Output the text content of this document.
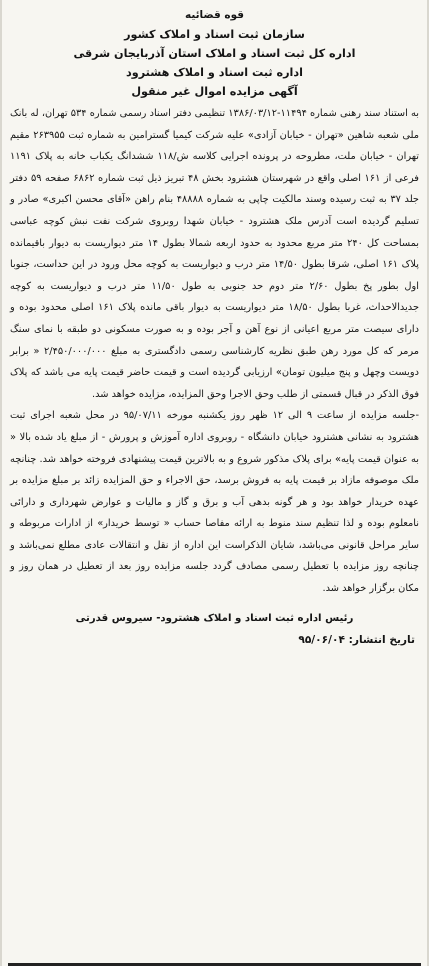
قوه قضائیه
سازمان ثبت اسناد و املاک کشور
اداره کل ثبت اسناد و املاک استان آذربایجان شرقی
اداره ثبت اسناد و املاک هشترود
آگهی مزایده اموال غیر منقول

به استناد سند رهنی شماره ۱۱۴۹۴-۱۳۸۶/۰۳/۱۲ تنظیمی دفتر اسناد رسمی شماره ۵۳۴ تهران، له بانک ملی شعبه شاهین «تهران - خیابان آزادی» علیه شرکت کیمیا گسترامین به شماره ثبت ۲۶۳۹۵۵ مقیم تهران - خیابان ملت، مطروحه در پرونده اجرایی کلاسه ش/۱۱۸ ششدانگ یکباب خانه به پلاک ۱۱۹۱ فرعی از ۱۶۱ اصلی واقع در شهرستان هشترود بخش ۴۸ تبریز ذیل ثبت شماره ۶۸۶۲ صفحه ۵۹ دفتر جلد ۳۷ به ثبت رسیده وسند مالکیت چاپی به شماره ۴۸۸۸۸ بنام راهن «آقای محسن اکبری» صادر و تسلیم گردیده است آدرس ملک هشترود - خیابان شهدا روبروی شرکت نفت نبش کوچه عباسی بمساحت کل ۲۴۰ متر مربع محدود به حدود اربعه شمالا بطول ۱۴ متر دیواریست به دیوار باقیمانده پلاک ۱۶۱ اصلی، شرقا بطول ۱۴/۵۰ متر درب و دیواریست به کوچه محل ورود در این حداست، جنوبا اول بطور پخ بطول ۲/۶۰ متر دوم حد جنوبی به طول ۱۱/۵۰ متر درب و دیواریست به کوچه جدیدالاحداث، غربا بطول ۱۸/۵۰ متر دیواریست به دیوار باقی مانده پلاک ۱۶۱ اصلی محدود بوده و دارای سیصت متر مربع اعیانی از نوع آهن و آجر بوده و به صورت مسکونی دو طبقه با نمای سنگ مرمر که کل مورد رهن طبق نظریه کارشناسی رسمی دادگستری به مبلغ ۲/۴۵۰/۰۰۰/۰۰۰ « برابر دویست وچهل و پنج میلیون تومان» ارزیابی گردیده است و قیمت حاضر قیمت پایه می باشد که پلاک فوق الذکر در قبال قسمتی از طلب وحق الاجرا وحق المزایده، مزایده خواهد شد.

-جلسه مزایده از ساعت ۹ الی ۱۲ ظهر روز یکشنبه مورخه ۹۵/۰۷/۱۱ در محل شعبه اجرای ثبت هشترود به نشانی هشترود خیابان دانشگاه - روبروی اداره آموزش و پرورش - از مبلغ یاد شده بالا « به عنوان قیمت پایه» برای پلاک مذکور شروع و به بالاترین قیمت پیشنهادی فروخته خواهد شد. چنانچه ملک موصوفه مازاد بر قیمت پایه به فروش برسد، حق الاجراء و حق المزایده زائد بر مبلغ مزایده بر عهده خریدار خواهد بود و هر گونه بدهی آب و برق و گاز و مالیات و عوارض شهرداری و دارائی نامعلوم بوده و لذا تنظیم سند منوط به ارائه مفاصا حساب « توسط خریدار» از ادارات مربوطه و سایر مراحل قانونی می‌باشد، شایان الذکراست این اداره از نقل و انتقالات عادی مطلع نمی‌باشد و چنانچه روز مزایده با تعطیل رسمی مصادف گردد جلسه مزایده روز بعد از تعطیل در همان روز و مکان برگزار خواهد شد.

رئیس اداره ثبت اسناد و املاک هشترود- سیروس قدرتی
تاریخ انتشار: ۹۵/۰۶/۰۴
